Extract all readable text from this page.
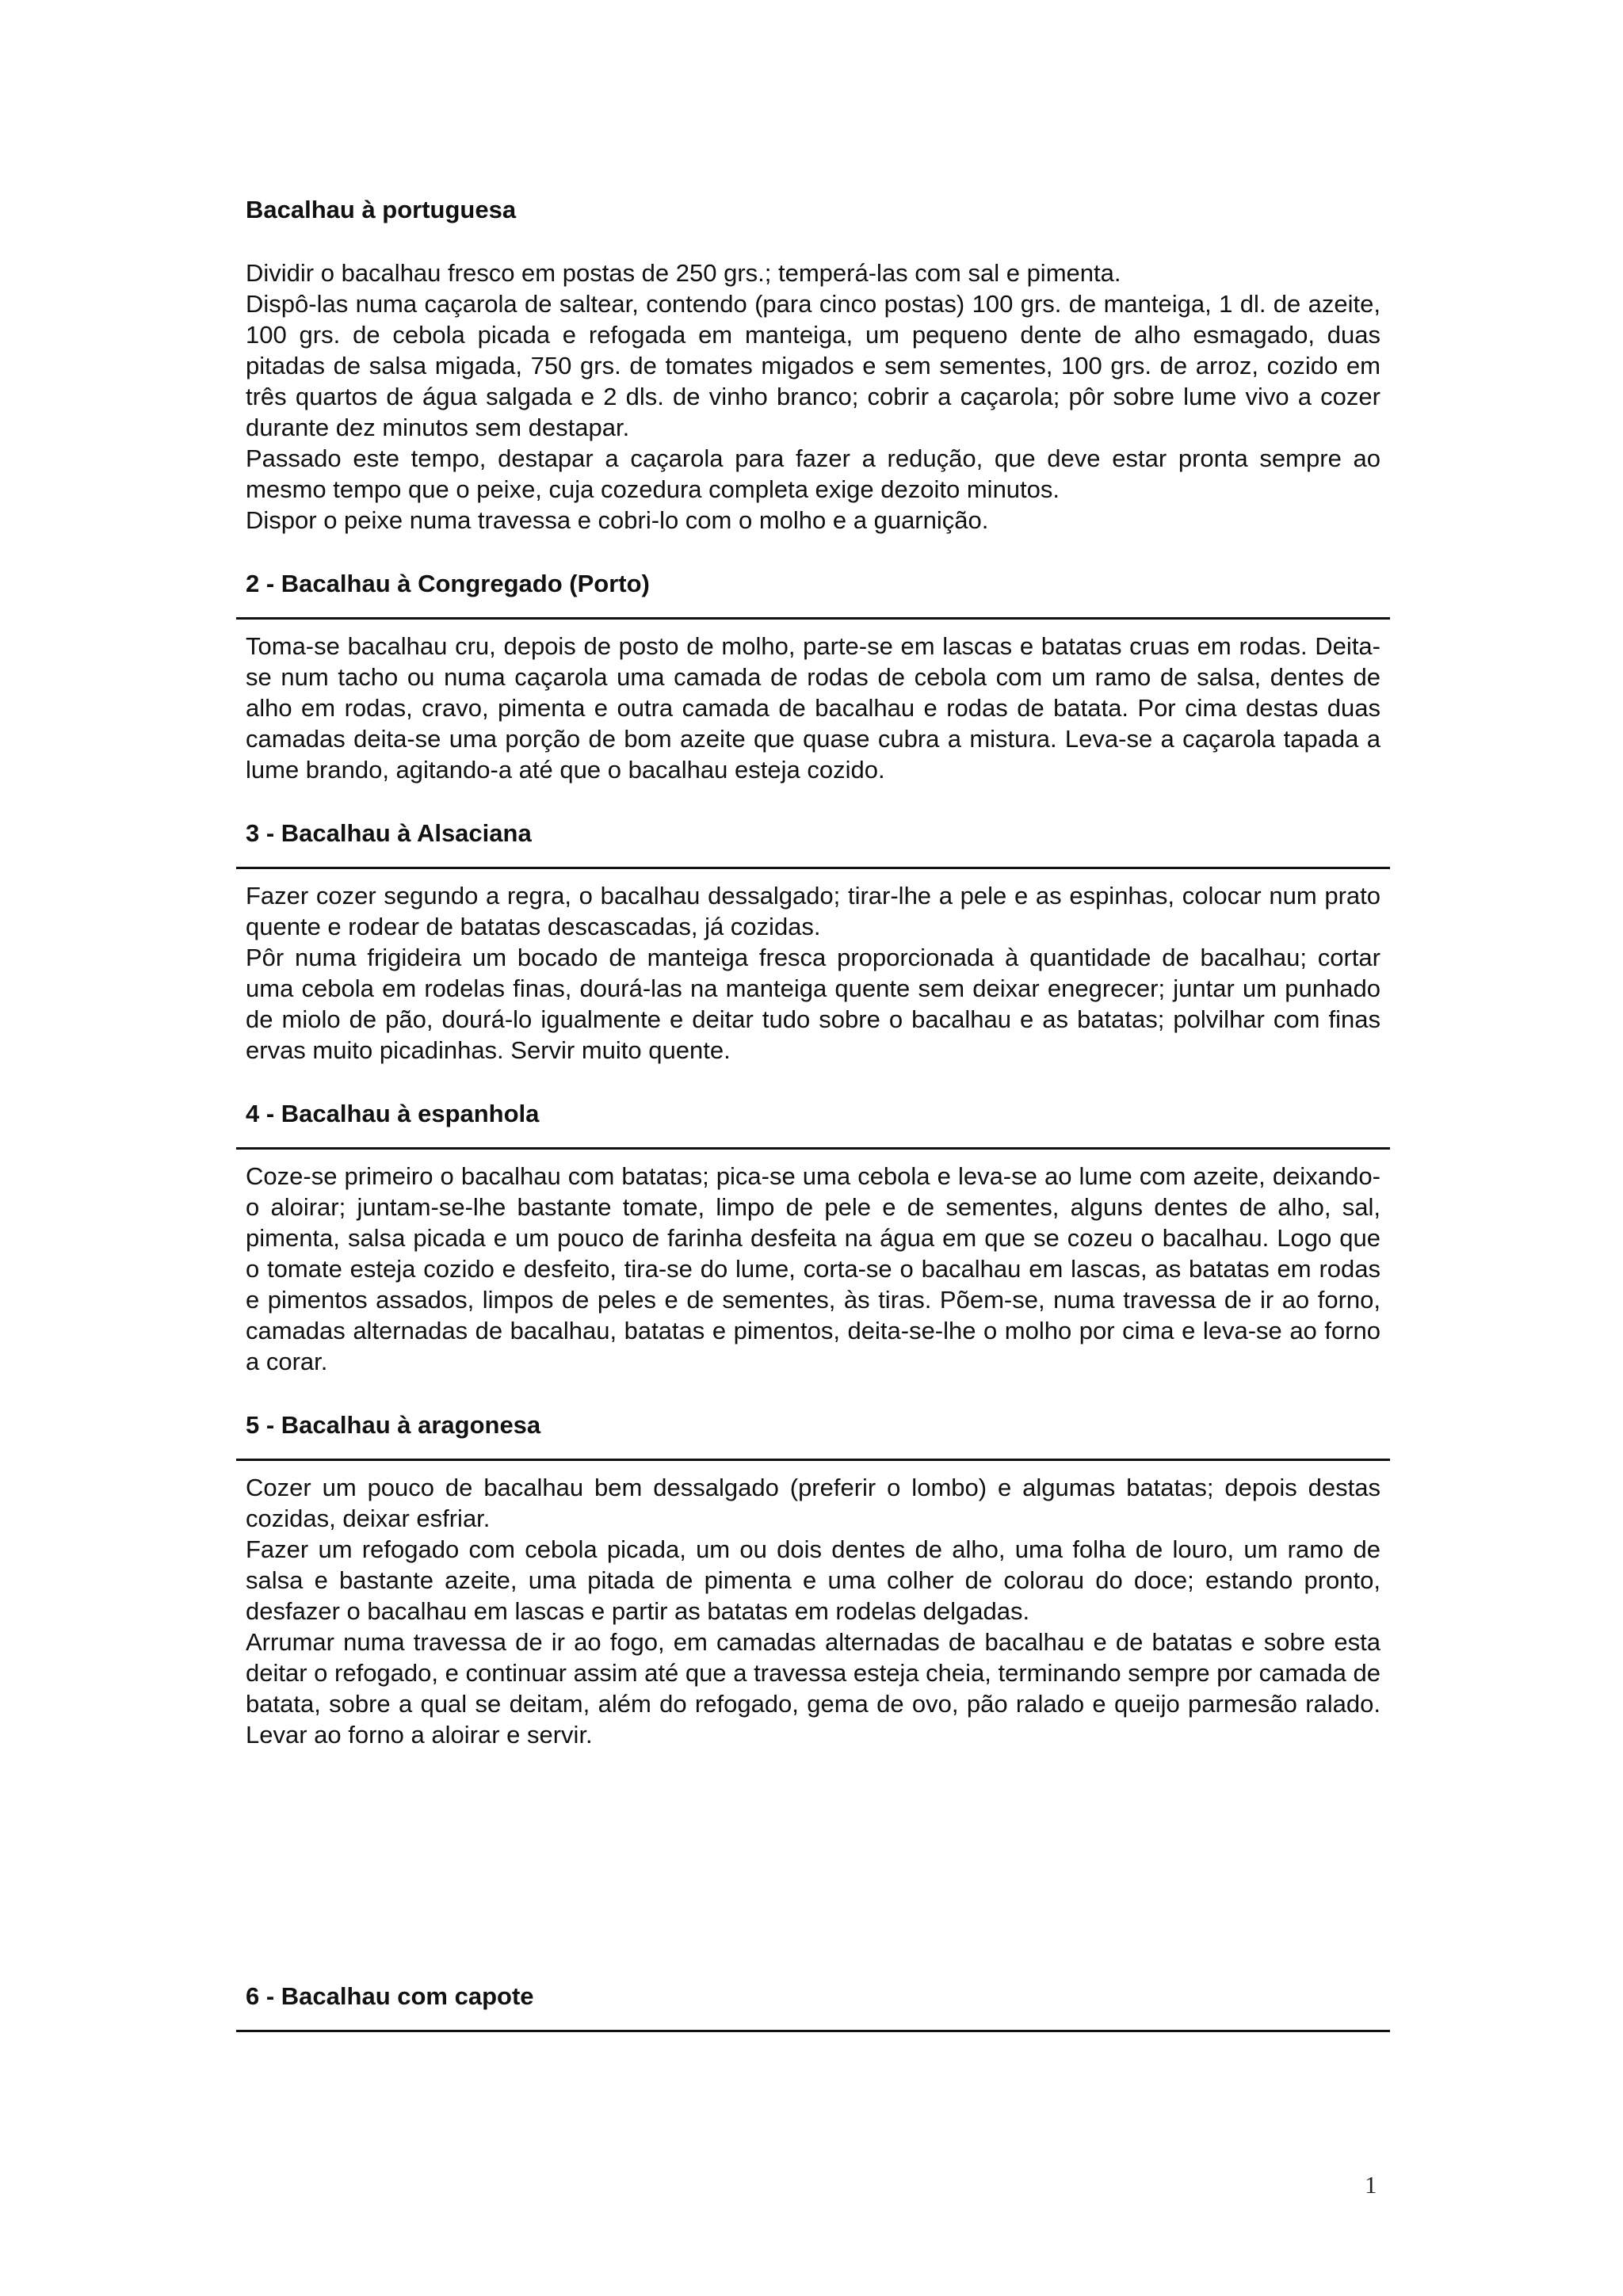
Bacalhau à portuguesa

Dividir o bacalhau fresco em postas de 250 grs.; temperá-las com sal e pimenta.

Dispô-las numa caçarola de saltear, contendo (para cinco postas) 100 grs. de manteiga, 1 dl. de azeite, 100 grs. de cebola picada e refogada em manteiga, um pequeno dente de alho esmagado, duas pitadas de salsa migada, 750 grs. de tomates migados e sem sementes, 100 grs. de arroz, cozido em três quartos de água salgada e 2 dls. de vinho branco; cobrir a caçarola; pôr sobre lume vivo a cozer durante dez minutos sem destapar.

Passado este tempo, destapar a caçarola para fazer a redução, que deve estar pronta sempre ao mesmo tempo que o peixe, cuja cozedura completa exige dezoito minutos.

Dispor o peixe numa travessa e cobri-lo com o molho e a guarnição.

2 - Bacalhau à Congregado (Porto)

Toma-se bacalhau cru, depois de posto de molho, parte-se em lascas e batatas cruas em rodas. Deita-se num tacho ou numa caçarola uma camada de rodas de cebola com um ramo de salsa, dentes de alho em rodas, cravo, pimenta e outra camada de bacalhau e rodas de batata. Por cima destas duas camadas deita-se uma porção de bom azeite que quase cubra a mistura. Leva-se a caçarola tapada a lume brando, agitando-a até que o bacalhau esteja cozido.

3 - Bacalhau à Alsaciana

Fazer cozer segundo a regra, o bacalhau dessalgado; tirar-lhe a pele e as espinhas, colocar num prato quente e rodear de batatas descascadas, já cozidas.

Pôr numa frigideira um bocado de manteiga fresca proporcionada à quantidade de bacalhau; cortar uma cebola em rodelas finas, dourá-las na manteiga quente sem deixar enegrecer; juntar um punhado de miolo de pão, dourá-lo igualmente e deitar tudo sobre o bacalhau e as batatas; polvilhar com finas ervas muito picadinhas. Servir muito quente.

4 - Bacalhau à espanhola

Coze-se primeiro o bacalhau com batatas; pica-se uma cebola e leva-se ao lume com azeite, deixando-o aloirar; juntam-se-lhe bastante tomate, limpo de pele e de sementes, alguns dentes de alho, sal, pimenta, salsa picada e um pouco de farinha desfeita na água em que se cozeu o bacalhau. Logo que o tomate esteja cozido e desfeito, tira-se do lume, corta-se o bacalhau em lascas, as batatas em rodas e pimentos assados, limpos de peles e de sementes, às tiras. Põem-se, numa travessa de ir ao forno, camadas alternadas de bacalhau, batatas e pimentos, deita-se-lhe o molho por cima e leva-se ao forno a corar.

5 - Bacalhau à aragonesa

Cozer um pouco de bacalhau bem dessalgado (preferir o lombo) e algumas batatas; depois destas cozidas, deixar esfriar.

Fazer um refogado com cebola picada, um ou dois dentes de alho, uma folha de louro, um ramo de salsa e bastante azeite, uma pitada de pimenta e uma colher de colorau do doce; estando pronto, desfazer o bacalhau em lascas e partir as batatas em rodelas delgadas.

Arrumar numa travessa de ir ao fogo, em camadas alternadas de bacalhau e de batatas e sobre esta deitar o refogado, e continuar assim até que a travessa esteja cheia, terminando sempre por camada de batata, sobre a qual se deitam, além do refogado, gema de ovo, pão ralado e queijo parmesão ralado. Levar ao forno a aloirar e servir.

6 - Bacalhau com capote
1
